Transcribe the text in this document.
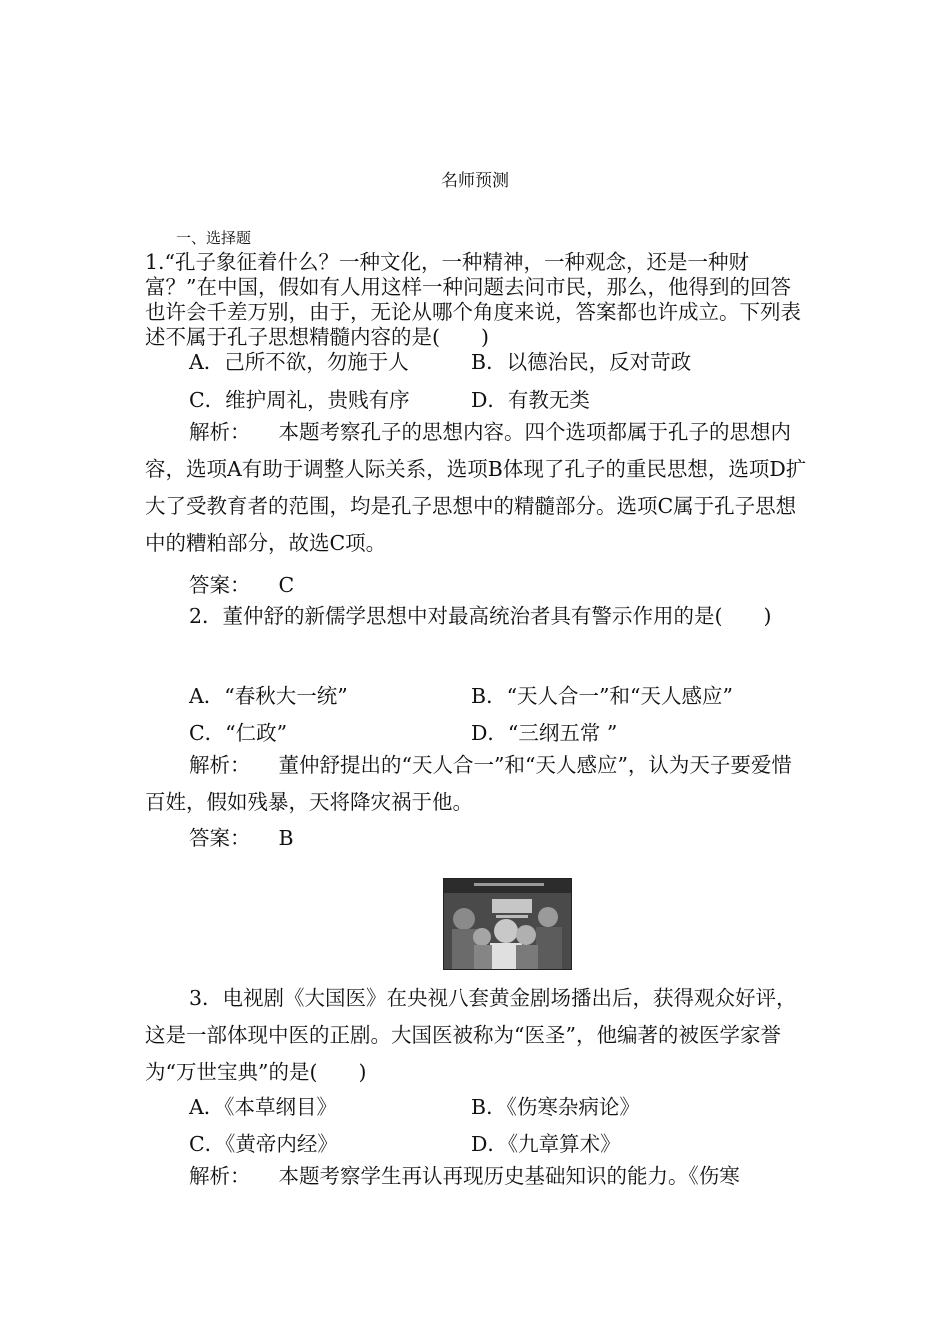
名师预测
一、选择题
1.“孔子象征着什么？一种文化，一种精神，一种观念，还是一种财富？”在中国，假如有人用这样一种问题去问市民，那么，他得到的回答也许会千差万别，由于，无论从哪个角度来说，答案都也许成立。下列表述不属于孔子思想精髓内容的是(　　)
A．己所不欲，勿施于人	B．以德治民，反对苛政
C．维护周礼，贵贱有序	D．有教无类
解析： 本题考察孔子的思想内容。四个选项都属于孔子的思想内容，选项A有助于调整人际关系，选项B体现了孔子的重民思想，选项D扩大了受教育者的范围，均是孔子思想中的精髓部分。选项C属于孔子思想中的糟粕部分，故选C项。
答案： C
2．董仲舒的新儒学思想中对最高统治者具有警示作用的是(　　)
A．“春秋大一统”	B．“天人合一”和“天人感应”
C．“仁政”	D．“三纲五常 ”
解析： 董仲舒提出的“天人合一”和“天人感应”，认为天子要爱惜百姓，假如残暴，天将降灾祸于他。
答案： B
3．电视剧《大国医》在央视八套黄金剧场播出后，获得观众好评，这是一部体现中医的正剧。大国医被称为“医圣”，他编著的被医学家誉为“万世宝典”的是(　　)
A．《本草纲目》	B．《伤寒杂病论》
C．《黄帝内经》	D．《九章算术》
解析： 本题考察学生再认再现历史基础知识的能力。《伤寒
